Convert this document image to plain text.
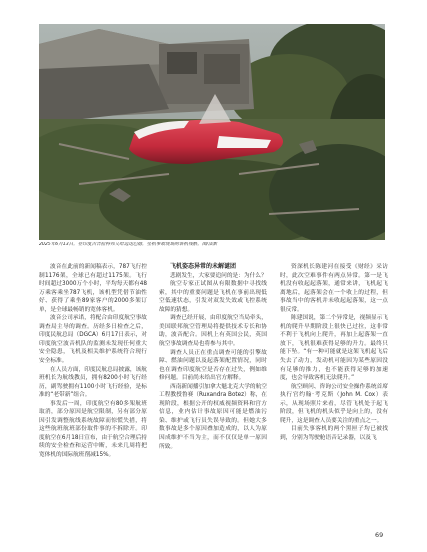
2025年6月13日，在印度古吉拉特邦艾哈迈达巴德，坠机事故现场的客机残骸。图/法新

波音在此前的新闻稿表示，787飞行控制1176架，全球已有超过1175架。飞行时间超过3000万个小时，平均每天都有48万乘客乘坐787飞机，该机型凭借节油性好、获得了乘坐89家客户的2000多架订单，是全球最畅销的宽体客机。

波音公司承诺，将配合由印度航空事故调查局主导的调查。历经多日检查之后，印度民航总局（DGCA）6月17日表示，对印度航空波音机队的监测未发现任何重大安全隐患，飞机及相关维护系统符合现行安全标准。

在人员方面，印度民航总局披露，该航班机长为航线教员，拥有8200小时飞行经历，副驾驶拥有1100小时飞行经验，是标准的“老带新”组合。

事发后一周，印度航空有80多架航班取消，部分原因是航空限制，另有部分原因引发调整航线系统故障而惊慌失措，将这些航班航班部份取件事的不拆除开。印度航空在6月18日宣布，由于航空合理后持续的安全检查和运营中断，未来几周将把宽体机的国际航班削减15%。

飞机姿态异常的未解谜团

悲剧发生，大家要追问的是：为什么？

航空专家正试图从有限数据中寻找线索，其中的重要问题是飞机在事前出现低空低速状态，引发对双发失效或飞控系统故障的猜想。

调查已经开展，由印度航空当局牵头，美国联邦航空管理局将提供技术专长和协助，波音配合。因机上有英国公民，英国航空事故调查局也将参与其中。

调查人员正在重点调查可能的引擎故障、燃油问题以及起落架配置情况，同时也在调查印度航空是否存在过失，例如维修问题。目前尚未给出官方解释。

西南新闻播引加拿大魁北克大学的航空工程教授鲁赛（Ruxandra Botez）称，在现阶段，根据公开的权威视频资料和宫方信息，业内估计事故原因可能是燃油污染、维护或飞行员失误导致的。但她大多数事故是多个原因叠加造成的，以人为原因成维护不当为主，而不仅仅是单一原因所致。

资深机长陈建河在接受《财经》采访时，此次空难事件有两点异常。第一是飞机没有收起起落架，通常来讲，飞机起飞离地后，起落架会在一个收上的过程，但事故当中的客机并未收起起落架，这一点很反常。

陈建国说，第二个异常是，视频显示飞机的爬升早期阶段上很快已过拉，这非常不利于飞机向上爬升，再加上起落架一直放下，飞机很难获得足够的升力。最终只能下坠。“有一种可能就是这架飞机起飞后失去了动力，发动机可能因为某些原因没有足够的推力，也不能获得足够的加速度，也会导致客机无法爬升。”

航空顾问、咨询公司安全操作系统首席执行官约翰·考克斯（John M. Cox）表示，从现场照片来看，尽管飞机处于起飞阶段，但飞机的机头似乎是向上的，没有爬升，这是调查人员要关注的重点之一。

目前失事客机的两个黑匣子均已被找到，分别为驾驶舱语音记录器，以及飞

69
